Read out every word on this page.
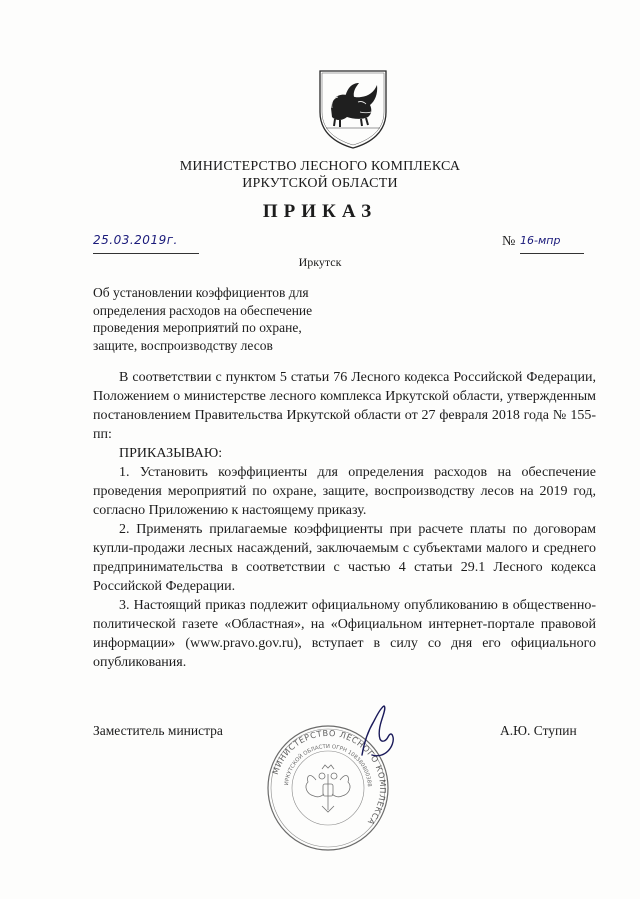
МИНИСТЕРСТВО ЛЕСНОГО КОМПЛЕКСА
ИРКУТСКОЙ ОБЛАСТИ
ПРИКАЗ
25.03.2019г.
Иркутск
№ 16-мпр
Об установлении коэффициентов для
определения расходов на обеспечение
проведения мероприятий по охране,
защите, воспроизводству лесов

В соответствии с пунктом 5 статьи 76 Лесного кодекса Российской Федерации, Положением о министерстве лесного комплекса Иркутской области, утвержденным постановлением Правительства Иркутской области от 27 февраля 2018 года № 155-пп:

ПРИКАЗЫВАЮ:

1. Установить коэффициенты для определения расходов на обеспечение проведения мероприятий по охране, защите, воспроизводству лесов на 2019 год, согласно Приложению к настоящему приказу.

2. Применять прилагаемые коэффициенты при расчете платы по договорам купли-продажи лесных насаждений, заключаемым с субъектами малого и среднего предпринимательства в соответствии с частью 4 статьи 29.1 Лесного кодекса Российской Федерации.

3. Настоящий приказ подлежит официальному опубликованию в общественно-политической газете «Областная», на «Официальном интернет-портале правовой информации» (www.pravo.gov.ru), вступает в силу со дня его официального опубликования.

Заместитель министра	А.Ю. Ступин
МИНИСТЕРСТВО ЛЕСНОГО КОМПЛЕКСА
ИРКУТСКОЙ ОБЛАСТИ ОГРН 108380800388
